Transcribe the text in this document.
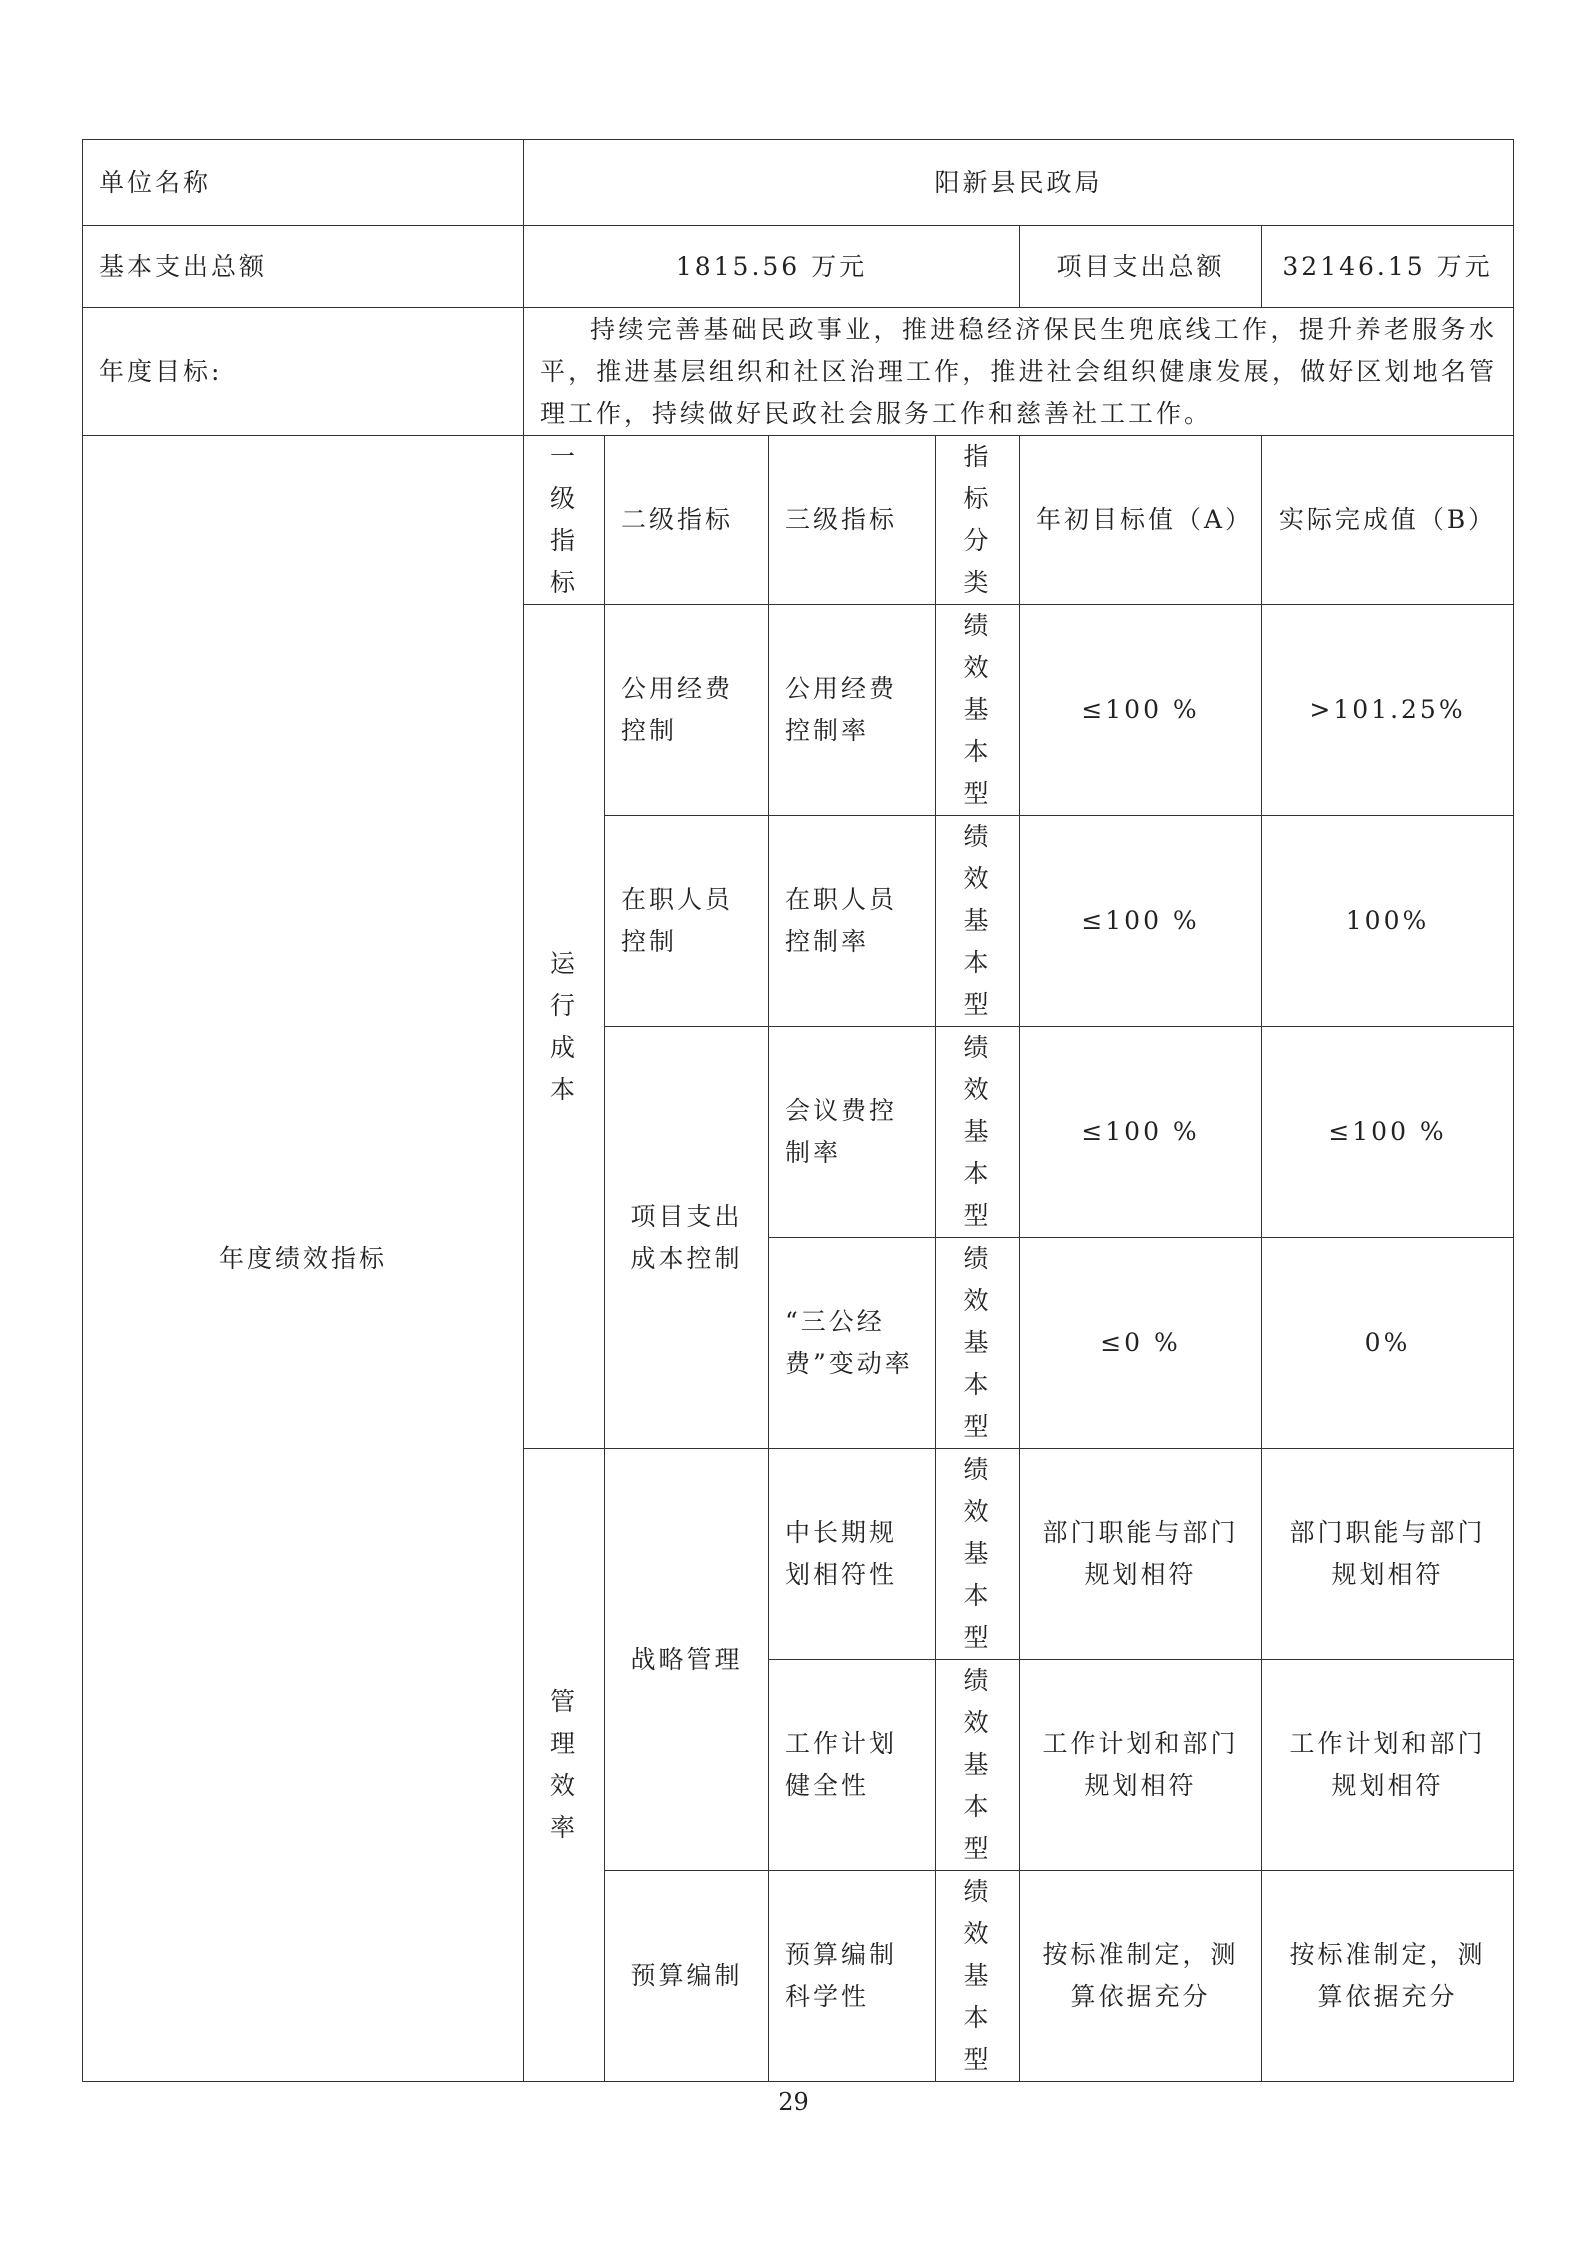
单位名称	阳新县民政局					
基本支出总额	1815.56 万元				项目支出总额	32146.15 万元
年度目标:	持续完善基础民政事业，推进稳经济保民生兜底线工作，提升养老服务水平，推进基层组织和社区治理工作，推进社会组织健康发展，做好区划地名管理工作，持续做好民政社会服务工作和慈善社工工作。					
年度绩效指标	一级指标	二级指标	三级指标	指标分类	年初目标值（A）	实际完成值（B）

	运行成本	公用经费控制	公用经费控制率	绩效基本型	≤100 %	>101.25%
		在职人员控制	在职人员控制率	绩效基本型	≤100 %	100%
		项目支出成本控制	会议费控制率	绩效基本型	≤100 %	≤100 %
			“三公经费”变动率	绩效基本型	≤0 %	0%

	管理效率	战略管理	中长期规划相符性	绩效基本型	部门职能与部门规划相符	部门职能与部门规划相符
			工作计划健全性	绩效基本型	工作计划和部门规划相符	工作计划和部门规划相符
		预算编制	预算编制科学性	绩效基本型	按标准制定，测算依据充分	按标准制定，测算依据充分
29
